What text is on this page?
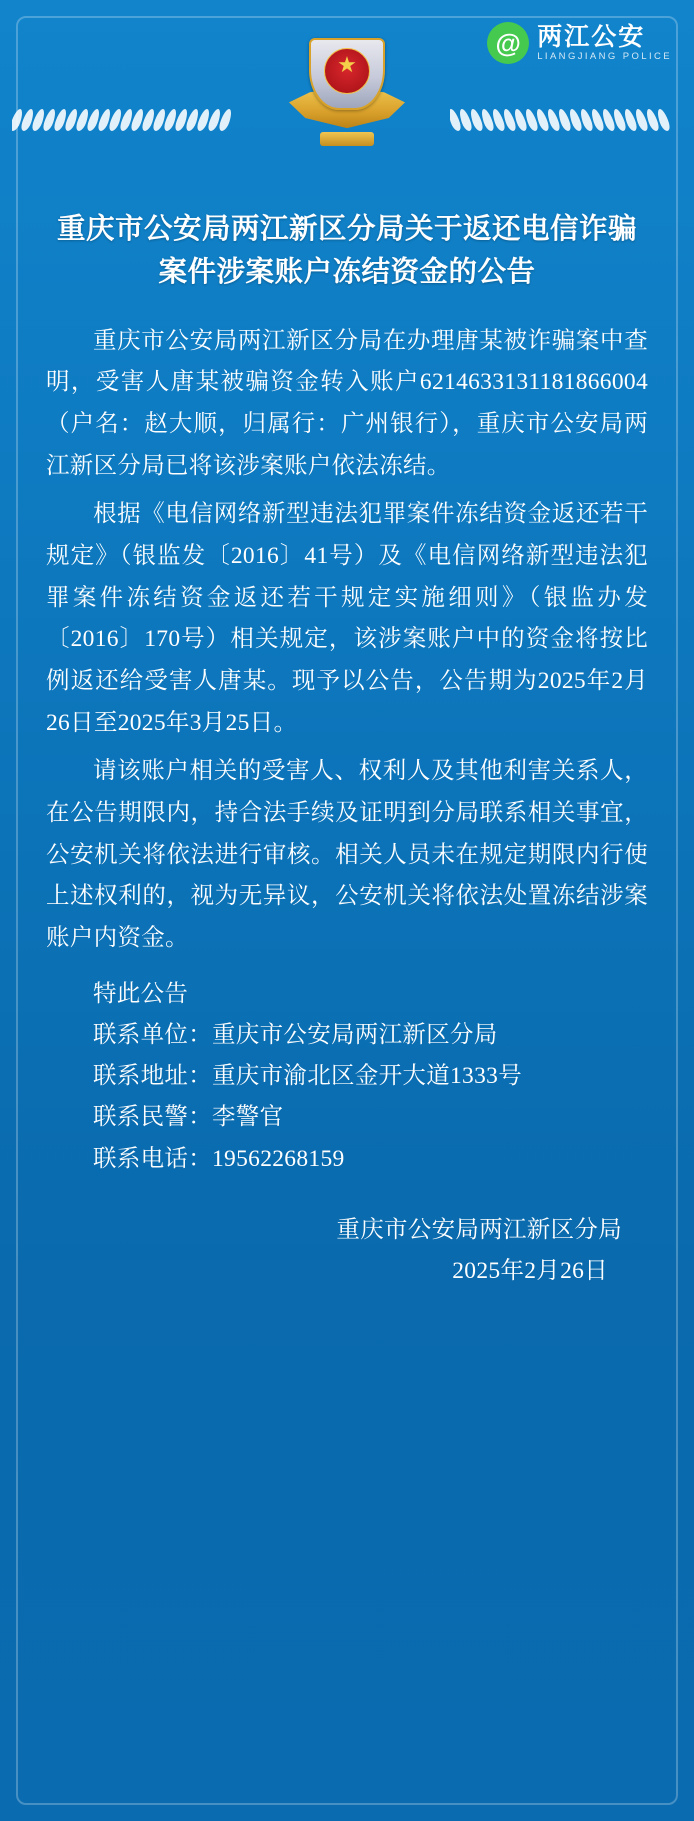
★
@ 两江公安
LIANGJIANG POLICE
重庆市公安局两江新区分局关于返还电信诈骗案件涉案账户冻结资金的公告

重庆市公安局两江新区分局在办理唐某被诈骗案中查明，受害人唐某被骗资金转入账户6214633131181866004（户名：赵大顺，归属行：广州银行），重庆市公安局两江新区分局已将该涉案账户依法冻结。

根据《电信网络新型违法犯罪案件冻结资金返还若干规定》（银监发〔2016〕41号）及《电信网络新型违法犯罪案件冻结资金返还若干规定实施细则》（银监办发〔2016〕170号）相关规定，该涉案账户中的资金将按比例返还给受害人唐某。现予以公告，公告期为2025年2月26日至2025年3月25日。

请该账户相关的受害人、权利人及其他利害关系人，在公告期限内，持合法手续及证明到分局联系相关事宜，公安机关将依法进行审核。相关人员未在规定期限内行使上述权利的，视为无异议，公安机关将依法处置冻结涉案账户内资金。

特此公告
联系单位：重庆市公安局两江新区分局
联系地址：重庆市渝北区金开大道1333号
联系民警：李警官
联系电话：19562268159
重庆市公安局两江新区分局
2025年2月26日
